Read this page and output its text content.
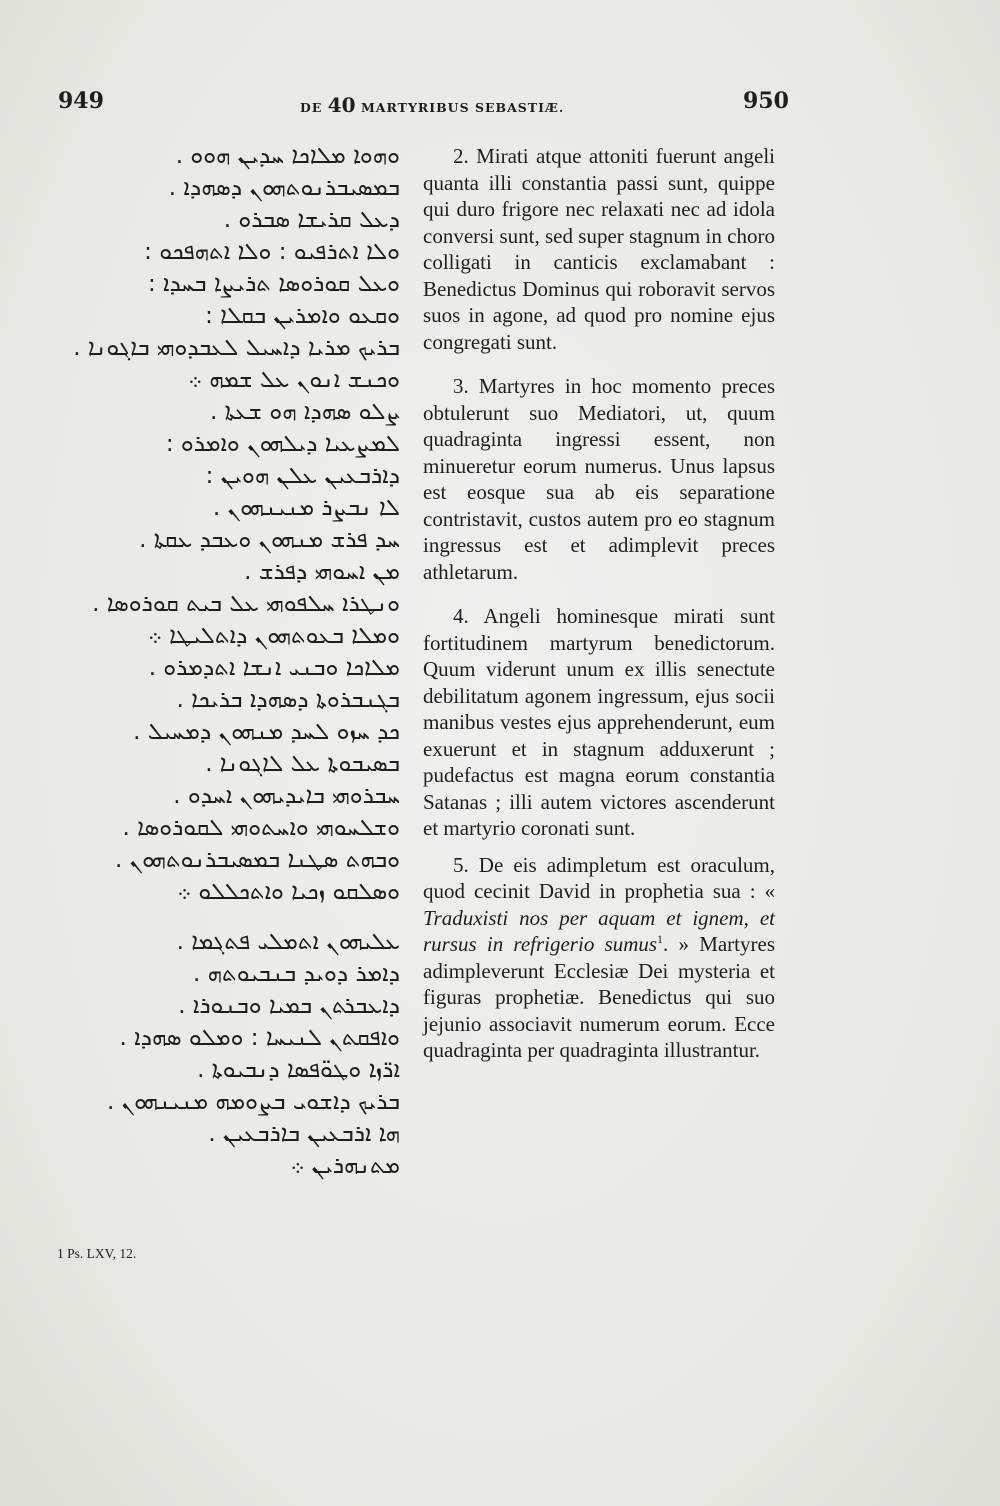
949	DE 40 MARTYRIBUS SEBASTIÆ.	950
ܘܗܘܐ ܡܠܐܟܐ ܚܕܝܢ ܗܘܘ .
ܒܡܣܝܒܪܢܘܬܗܘܢ ܕܣܗܕܐ .
ܕܥܠ ܩܪܝܫܐ ܣܒܪܘ .
ܘܠܐ ܐܬܪܦܝܘ : ܘܠܐ ܐܬܗܦܟܘ :
ܘܥܠ ܩܘܪܘܣܐ ܬܪܝܨܐ ܒܚܕܐ :
ܘܩܥܘ ܘܐܡܪܝܢ ܒܩܠܐ :
ܒܪܝܟ ܡܪܝܐ ܕܐܚܝܠ ܠܥܒܕܘܗܝ ܒܐܓܘܢܐ .
ܘܟܢܫ ܐܢܘܢ ܥܠ ܫܡܗ ܀
ܨܠܘ ܣܗܕܐ ܗܘ ܫܥܬܐ .
ܠܡܨܥܝܐ ܕܝܠܗܘܢ ܘܐܡܪܘ :
ܕܐܪܒܥܝܢ ܥܠܢ ܗܘܝܢ :
ܠܐ ܢܒܨܪ ܡܢܝܢܗܘܢ .
ܚܕ ܦܪܫ ܡܢܗܘܢ ܘܥܒܕ ܥܩܬܐ .
ܡܢ ܐܚܘܗܝ ܕܦܪܫ .
ܘܢܛܪܐ ܚܠܦܘܗܝ ܥܠ ܒܝܬ ܩܘܪܘܣܐ .
ܘܡܠܐ ܒܥܘܬܗܘܢ ܕܐܬܠܝܛܐ ܀
ܡܠܐܟܐ ܘܒܢܝ ܐܢܫܐ ܐܬܕܡܪܘ .
ܒܓܢܒܪܘܬܐ ܕܣܗܕܐ ܒܪܝܟܐ .
ܟܕ ܚܙܘ ܠܚܕ ܡܢܗܘܢ ܕܡܚܝܠ .
ܒܣܝܒܘܬܐ ܥܠ ܠܐܓܘܢܐ .
ܚܒܪܘܗܝ ܒܐܝܕܝܗܘܢ ܐܚܕܘ .
ܘܫܠܚܘܗܝ ܘܐܚܬܘܗܝ ܠܩܘܪܘܣܐ .
ܘܒܗܬ ܣܛܢܐ ܒܡܣܝܒܪܢܘܬܗܘܢ .
ܘܣܠܩܘ ܙܟܝܐ ܘܐܬܟܠܠܘ ܀
ܥܠܝܗܘܢ ܐܬܡܠܝ ܦܬܓܡܐ .
ܕܐܡܪ ܕܘܝܕ ܒܢܒܝܘܬܗ .
ܕܐܥܒܪܬܢ ܒܡܝܐ ܘܒܢܘܪܐ .
ܘܐܦܩܬܢ ܠܢܝܚܐ : ܘܡܠܘ ܣܗܕܐ .
ܐܪ̈ܙܐ ܘܛܘ̈ܦܣܐ ܕܢܒܝܘܬܐ .
ܒܪܝܟ ܕܐܫܘܝ ܒܨܘܡܗ ܡܢܝܢܗܘܢ .
ܗܐ ܐܪܒܥܝܢ ܒܐܪܒܥܝܢ .
ܡܬܢܗܪܝܢ ܀

2. Mirati atque attoniti fuerunt angeli quanta illi constantia passi sunt, quippe qui duro frigore nec relaxati nec ad idola conversi sunt, sed super stagnum in choro colligati in canticis exclamabant : Benedictus Dominus qui roboravit servos suos in agone, ad quod pro nomine ejus congregati sunt.

3. Martyres in hoc momento preces obtulerunt suo Mediatori, ut, quum quadraginta ingressi essent, non minueretur eorum numerus. Unus lapsus est eosque sua ab eis separatione contristavit, custos autem pro eo stagnum ingressus est et adimplevit preces athletarum.

4. Angeli hominesque mirati sunt fortitudinem martyrum benedictorum. Quum viderunt unum ex illis senectute debilitatum agonem ingressum, ejus socii manibus vestes ejus apprehenderunt, eum exuerunt et in stagnum adduxerunt ; pudefactus est magna eorum constantia Satanas ; illi autem victores ascenderunt et martyrio coronati sunt.

5. De eis adimpletum est oraculum, quod cecinit David in prophetia sua : « Traduxisti nos per aquam et ignem, et rursus in refrigerio sumus$^1$. » Martyres adimpleverunt Ecclesiæ Dei mysteria et figuras prophetiæ. Benedictus qui suo jejunio associavit numerum eorum. Ecce quadraginta per quadraginta illustrantur.

1 Ps. LXV, 12.
